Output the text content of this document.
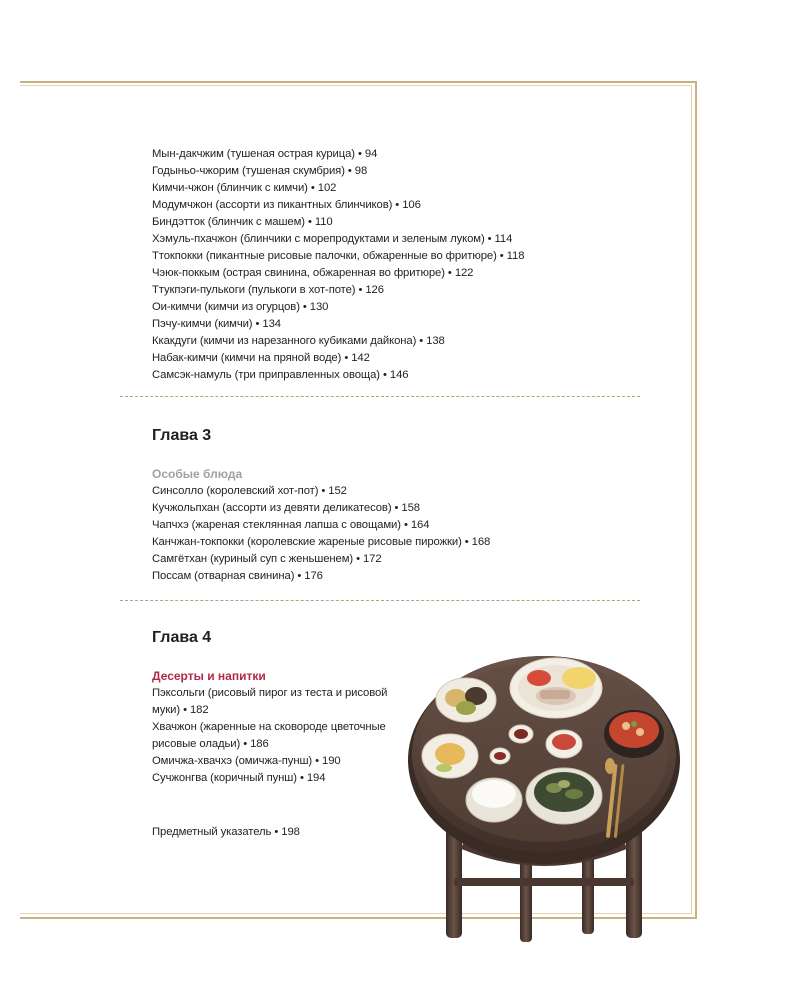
Мын-дакчжим (тушеная острая курица) • 94
Годыньо-чжорим (тушеная скумбрия) • 98
Кимчи-чжон (блинчик с кимчи) • 102
Модумчжон (ассорти из пикантных блинчиков) • 106
Биндэтток (блинчик с машем) • 110
Хэмуль-пхачжон (блинчики с морепродуктами и зеленым луком) • 114
Ттокпокки (пикантные рисовые палочки, обжаренные во фритюре) • 118
Чэюк-поккым (острая свинина, обжаренная во фритюре) • 122
Ттукпэги-пулькоги (пулькоги в хот-поте) • 126
Ои-кимчи (кимчи из огурцов) • 130
Пэчу-кимчи (кимчи) • 134
Ккакдуги (кимчи из нарезанного кубиками дайкона) • 138
Набак-кимчи (кимчи на пряной воде) • 142
Самсэк-намуль (три приправленных овоща) • 146
Глава 3
Особые блюда
Синсолло (королевский хот-пот) • 152
Кучжольпхан (ассорти из девяти деликатесов) • 158
Чапчхэ (жареная стеклянная лапша с овощами) • 164
Канчжан-токпокки (королевские жареные рисовые пирожки) • 168
Самгётхан (куриный суп с женьшенем) • 172
Поссам (отварная свинина) • 176
Глава 4
Десерты и напитки
Пэксольги (рисовый пирог из теста и рисовой
муки) • 182
Хвачжон (жаренные на сковороде цветочные
рисовые оладьи) • 186
Омичжа-хвачхэ (омичжа-пунш) • 190
Сучжонгва (коричный пунш) • 194
Предметный указатель • 198
